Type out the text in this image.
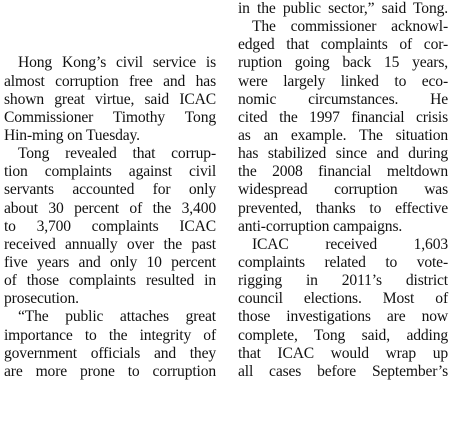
Hong Kong’s civil service is
almost corruption free and has
shown great virtue, said ICAC
Commissioner Timothy Tong
Hin-ming on Tuesday.
Tong revealed that corrup-
tion complaints against civil
servants accounted for only
about 30 percent of the 3,400
to 3,700 complaints ICAC
received annually over the past
five years and only 10 percent
of those complaints resulted in
prosecution.
“The public attaches great
importance to the integrity of
government officials and they
are more prone to corruption
in the public sector,” said Tong.
The commissioner acknowl-
edged that complaints of cor-
ruption going back 15 years,
were largely linked to eco-
nomic circumstances. He
cited the 1997 financial crisis
as an example. The situation
has stabilized since and during
the 2008 financial meltdown
widespread corruption was
prevented, thanks to effective
anti-corruption campaigns.
ICAC received 1,603
complaints related to vote-
rigging in 2011’s district
council elections. Most of
those investigations are now
complete, Tong said, adding
that ICAC would wrap up
all cases before September’s
